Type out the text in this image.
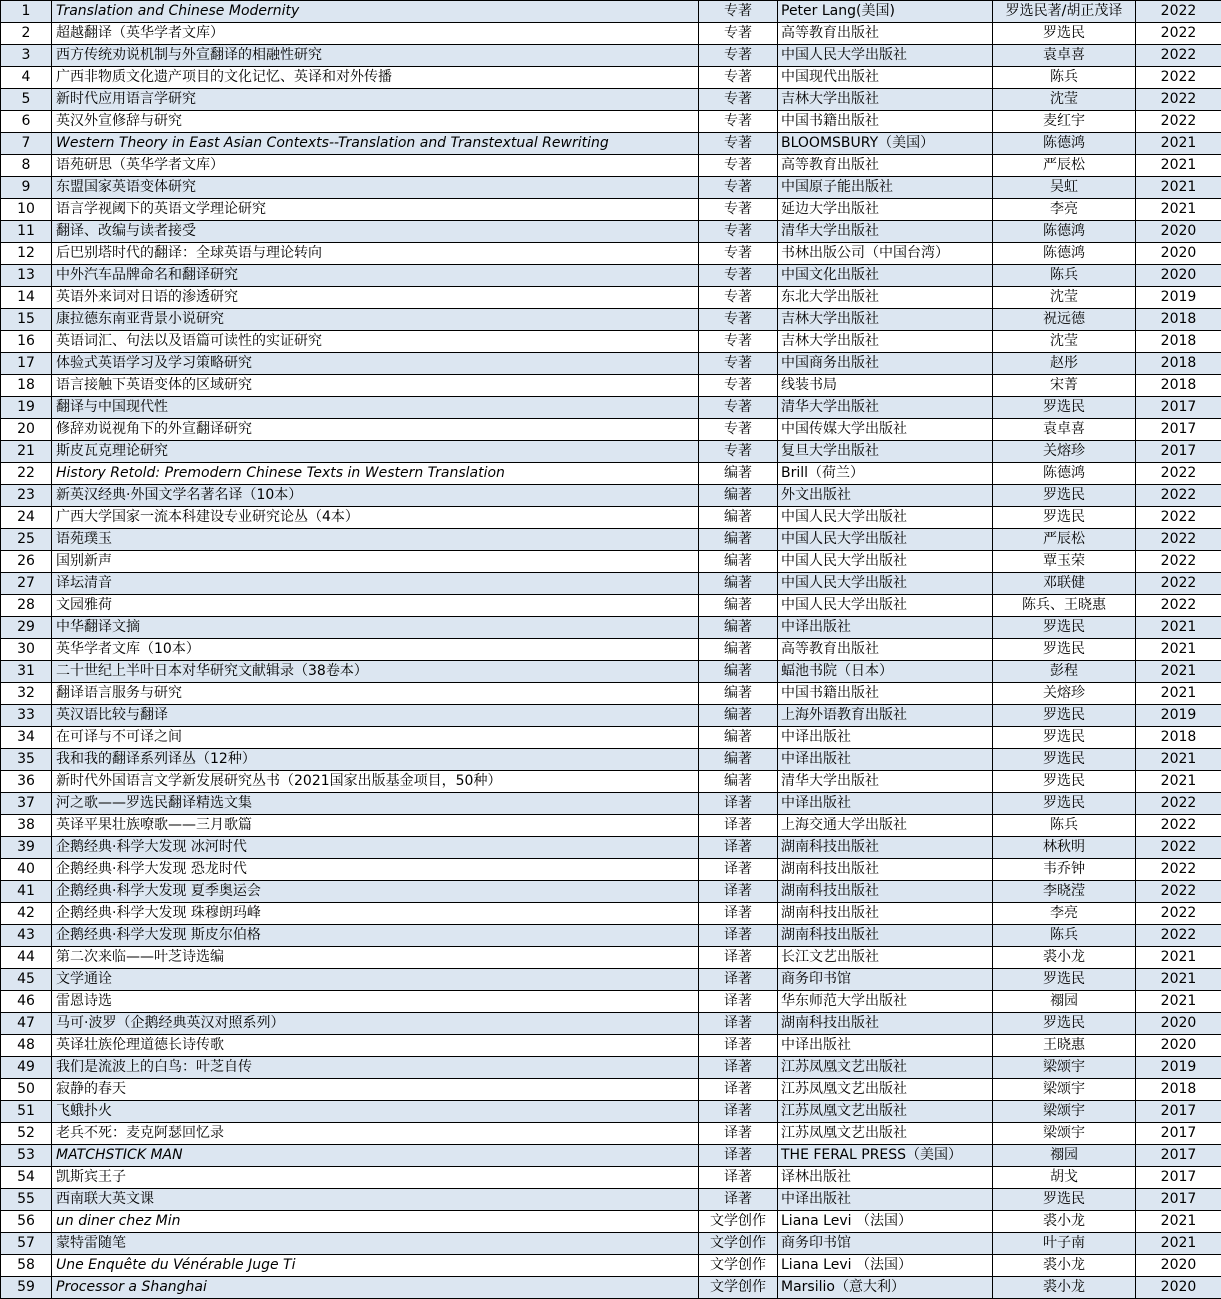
1	Translation and Chinese Modernity	专著	Peter Lang(美国)	罗选民著/胡正茂译	2022
2	超越翻译（英华学者文库）	专著	高等教育出版社	罗选民	2022
3	西方传统劝说机制与外宣翻译的相融性研究	专著	中国人民大学出版社	袁卓喜	2022
4	广西非物质文化遗产项目的文化记忆、英译和对外传播	专著	中国现代出版社	陈兵	2022
5	新时代应用语言学研究	专著	吉林大学出版社	沈莹	2022
6	英汉外宣修辞与研究	专著	中国书籍出版社	麦红宇	2022
7	Western Theory in East Asian Contexts--Translation and Transtextual Rewriting	专著	BLOOMSBURY（美国）	陈德鸿	2021
8	语苑研思（英华学者文库）	专著	高等教育出版社	严辰松	2021
9	东盟国家英语变体研究	专著	中国原子能出版社	吴虹	2021
10	语言学视阈下的英语文学理论研究	专著	延边大学出版社	李亮	2021
11	翻译、改编与读者接受	专著	清华大学出版社	陈德鸿	2020
12	后巴别塔时代的翻译：全球英语与理论转向	专著	书林出版公司（中国台湾）	陈德鸿	2020
13	中外汽车品牌命名和翻译研究	专著	中国文化出版社	陈兵	2020
14	英语外来词对日语的渗透研究	专著	东北大学出版社	沈莹	2019
15	康拉德东南亚背景小说研究	专著	吉林大学出版社	祝远德	2018
16	英语词汇、句法以及语篇可读性的实证研究	专著	吉林大学出版社	沈莹	2018
17	体验式英语学习及学习策略研究	专著	中国商务出版社	赵彤	2018
18	语言接触下英语变体的区域研究	专著	线装书局	宋菁	2018
19	翻译与中国现代性	专著	清华大学出版社	罗选民	2017
20	修辞劝说视角下的外宣翻译研究	专著	中国传媒大学出版社	袁卓喜	2017
21	斯皮瓦克理论研究	专著	复旦大学出版社	关熔珍	2017
22	History Retold: Premodern Chinese Texts in Western Translation	编著	Brill（荷兰）	陈德鸿	2022
23	新英汉经典·外国文学名著名译（10本）	编著	外文出版社	罗选民	2022
24	广西大学国家一流本科建设专业研究论丛（4本）	编著	中国人民大学出版社	罗选民	2022
25	语苑璞玉	编著	中国人民大学出版社	严辰松	2022
26	国别新声	编著	中国人民大学出版社	覃玉荣	2022
27	译坛清音	编著	中国人民大学出版社	邓联健	2022
28	文园雅荷	编著	中国人民大学出版社	陈兵、王晓惠	2022
29	中华翻译文摘	编著	中译出版社	罗选民	2021
30	英华学者文库（10本）	编著	高等教育出版社	罗选民	2021
31	二十世纪上半叶日本对华研究文献辑录（38卷本）	编著	蝠池书院（日本）	彭程	2021
32	翻译语言服务与研究	编著	中国书籍出版社	关熔珍	2021
33	英汉语比较与翻译	编著	上海外语教育出版社	罗选民	2019
34	在可译与不可译之间	编著	中译出版社	罗选民	2018
35	我和我的翻译系列译丛（12种）	编著	中译出版社	罗选民	2021
36	新时代外国语言文学新发展研究丛书（2021国家出版基金项目，50种）	编著	清华大学出版社	罗选民	2021
37	河之歌——罗选民翻译精选文集	译著	中译出版社	罗选民	2022
38	英译平果壮族嘹歌——三月歌篇	译著	上海交通大学出版社	陈兵	2022
39	企鹅经典·科学大发现 冰河时代	译著	湖南科技出版社	林秋明	2022
40	企鹅经典·科学大发现 恐龙时代	译著	湖南科技出版社	韦乔钟	2022
41	企鹅经典·科学大发现 夏季奥运会	译著	湖南科技出版社	李晓滢	2022
42	企鹅经典·科学大发现 珠穆朗玛峰	译著	湖南科技出版社	李亮	2022
43	企鹅经典·科学大发现 斯皮尔伯格	译著	湖南科技出版社	陈兵	2022
44	第二次来临——叶芝诗选编	译著	长江文艺出版社	裘小龙	2021
45	文学通诠	译著	商务印书馆	罗选民	2021
46	雷恩诗选	译著	华东师范大学出版社	禤园	2021
47	马可·波罗（企鹅经典英汉对照系列）	译著	湖南科技出版社	罗选民	2020
48	英译壮族伦理道德长诗传歌	译著	中译出版社	王晓惠	2020
49	我们是流波上的白鸟：叶芝自传	译著	江苏凤凰文艺出版社	梁颂宇	2019
50	寂静的春天	译著	江苏凤凰文艺出版社	梁颂宇	2018
51	飞蛾扑火	译著	江苏凤凰文艺出版社	梁颂宇	2017
52	老兵不死：麦克阿瑟回忆录	译著	江苏凤凰文艺出版社	梁颂宇	2017
53	MATCHSTICK MAN	译著	THE FERAL PRESS（美国）	禤园	2017
54	凯斯宾王子	译著	译林出版社	胡戈	2017
55	西南联大英文课	译著	中译出版社	罗选民	2017
56	un diner chez Min	文学创作	Liana Levi （法国）	裘小龙	2021
57	蒙特雷随笔	文学创作	商务印书馆	叶子南	2021
58	Une Enquête du Vénérable Juge Ti	文学创作	Liana Levi （法国）	裘小龙	2020
59	Processor a Shanghai	文学创作	Marsilio（意大利）	裘小龙	2020
